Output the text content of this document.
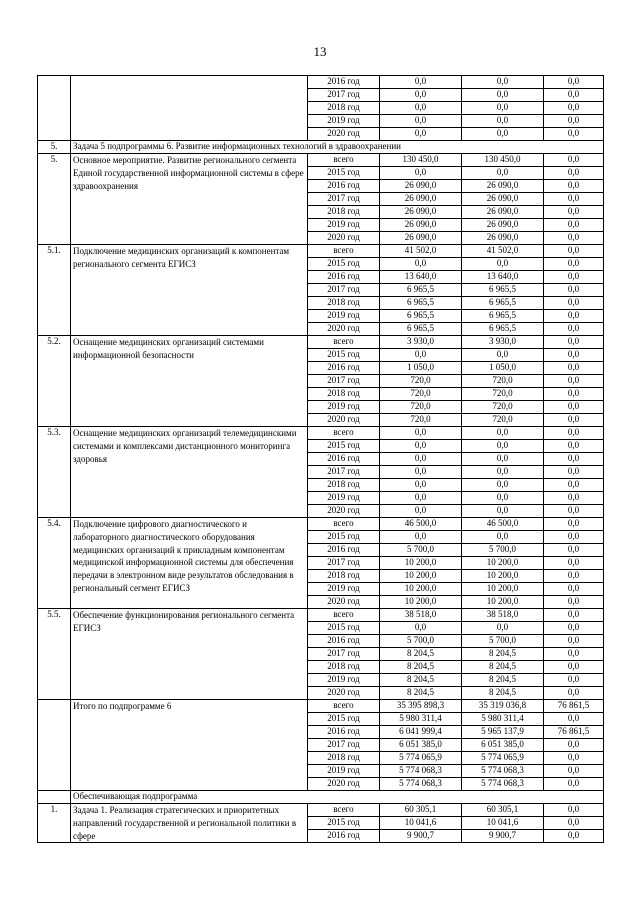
13
		2016 год	0,0	0,0	0,0
		2017 год	0,0	0,0	0,0
		2018 год	0,0	0,0	0,0
		2019 год	0,0	0,0	0,0
		2020 год	0,0	0,0	0,0
5.	Задача 5 подпрограммы 6. Развитие информационных технологий в здравоохранении				
5.	Основное мероприятие. Развитие регионального сегмента Единой государственной информационной системы в сфере здравоохранения	всего	130 450,0	130 450,0	0,0
		2015 год	0,0	0,0	0,0
		2016 год	26 090,0	26 090,0	0,0
		2017 год	26 090,0	26 090,0	0,0
		2018 год	26 090,0	26 090,0	0,0
		2019 год	26 090,0	26 090,0	0,0
		2020 год	26 090,0	26 090,0	0,0
5.1.	Подключение медицинских организаций к компонентам регионального сегмента ЕГИСЗ	всего	41 502,0	41 502,0	0,0
		2015 год	0,0	0,0	0,0
		2016 год	13 640,0	13 640,0	0,0
		2017 год	6 965,5	6 965,5	0,0
		2018 год	6 965,5	6 965,5	0,0
		2019 год	6 965,5	6 965,5	0,0
		2020 год	6 965,5	6 965,5	0,0
5.2.	Оснащение медицинских организаций системами информационной безопасности	всего	3 930,0	3 930,0	0,0
		2015 год	0,0	0,0	0,0
		2016 год	1 050,0	1 050,0	0,0
		2017 год	720,0	720,0	0,0
		2018 год	720,0	720,0	0,0
		2019 год	720,0	720,0	0,0
		2020 год	720,0	720,0	0,0
5.3.	Оснащение медицинских организаций телемедицинскими системами и комплексами дистанционного мониторинга здоровья	всего	0,0	0,0	0,0
		2015 год	0,0	0,0	0,0
		2016 год	0,0	0,0	0,0
		2017 год	0,0	0,0	0,0
		2018 год	0,0	0,0	0,0
		2019 год	0,0	0,0	0,0
		2020 год	0,0	0,0	0,0
5.4.	Подключение цифрового диагностического и лабораторного диагностического оборудования медицинских организаций к прикладным компонентам медицинской информационной системы для обеспечения передачи в электронном виде результатов обследования в региональный сегмент ЕГИСЗ	всего	46 500,0	46 500,0	0,0
		2015 год	0,0	0,0	0,0
		2016 год	5 700,0	5 700,0	0,0
		2017 год	10 200,0	10 200,0	0,0
		2018 год	10 200,0	10 200,0	0,0
		2019 год	10 200,0	10 200,0	0,0
		2020 год	10 200,0	10 200,0	0,0
5.5.	Обеспечение функционирования регионального сегмента ЕГИСЗ	всего	38 518,0	38 518,0	0,0
		2015 год	0,0	0,0	0,0
		2016 год	5 700,0	5 700,0	0,0
		2017 год	8 204,5	8 204,5	0,0
		2018 год	8 204,5	8 204,5	0,0
		2019 год	8 204,5	8 204,5	0,0
		2020 год	8 204,5	8 204,5	0,0
	Итого по подпрограмме 6	всего	35 395 898,3	35 319 036,8	76 861,5
		2015 год	5 980 311,4	5 980 311,4	0,0
		2016 год	6 041 999,4	5 965 137,9	76 861,5
		2017 год	6 051 385,0	6 051 385,0	0,0
		2018 год	5 774 065,9	5 774 065,9	0,0
		2019 год	5 774 068,3	5 774 068,3	0,0
		2020 год	5 774 068,3	5 774 068,3	0,0
	Обеспечивающая подпрограмма				
1.	Задача 1. Реализация стратегических и приоритетных направлений государственной и региональной политики в сфере	всего	60 305,1	60 305,1	0,0
		2015 год	10 041,6	10 041,6	0,0
		2016 год	9 900,7	9 900,7	0,0
